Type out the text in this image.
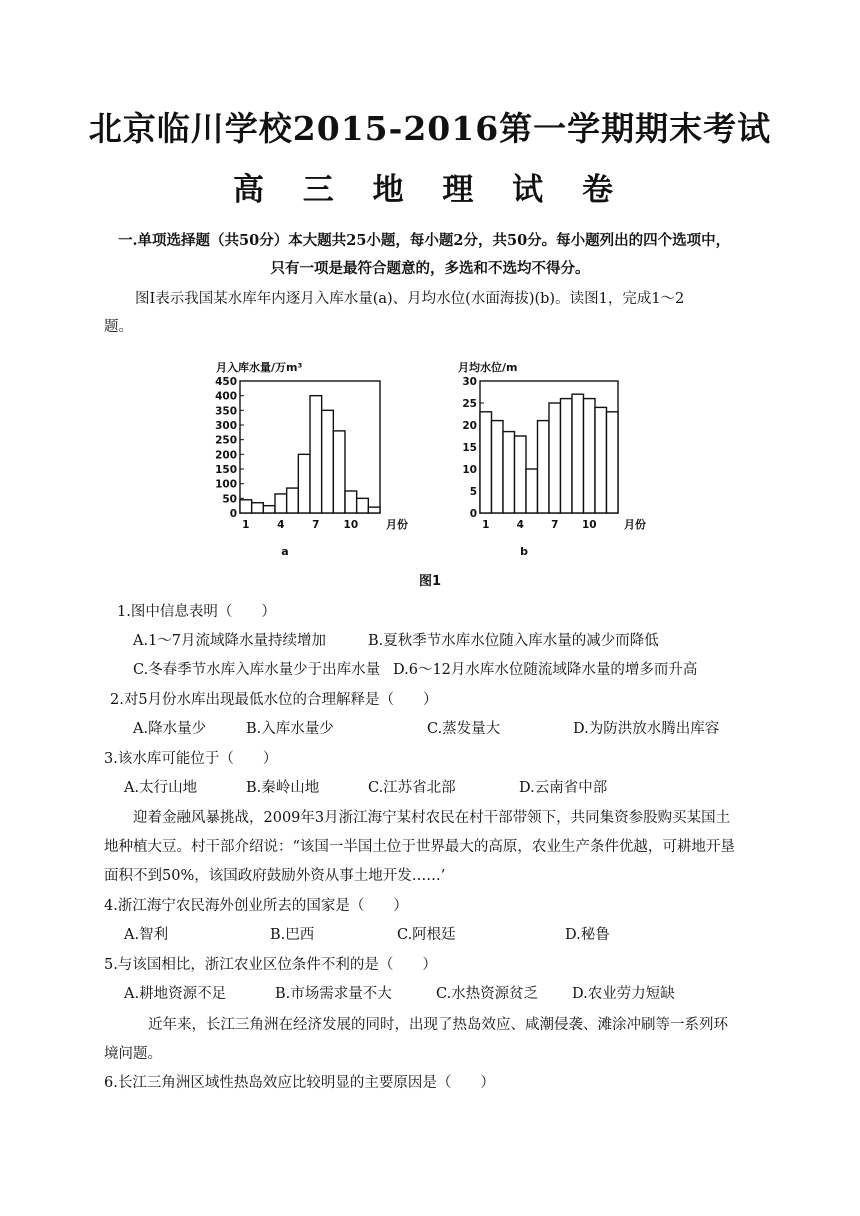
北京临川学校2015-2016第一学期期末考试
高 三 地 理 试 卷
一.单项选择题（共50分）本大题共25小题，每小题2分，共50分。每小题列出的四个选项中，
只有一项是最符合题意的，多选和不选均不得分。
图Ⅰ表示我国某水库年内逐月入库水量(a)、月均水位(水面海拔)(b)。读图1，完成1～2
题。
月入库水量/万m³
0
50
100
150
200
250
300
350
400
450
1	4	7 10	月份
a
月均水位/m
0
5
10
15
20
25
30
1	4	7 10 月份
b
图1
1.图中信息表明（　　）
A.1～7月流域降水量持续增加	B.夏秋季节水库水位随入库水量的减少而降低
C.冬春季节水库入库水量少于出库水量 D.6～12月水库水位随流域降水量的增多而升高
2.对5月份水库出现最低水位的合理解释是（　　）
A.降水量少	B.入库水量少	C.蒸发量大	D.为防洪放水腾出库容
3.该水库可能位于（　　）
A.太行山地	B.秦岭山地	C.江苏省北部	D.云南省中部
迎着金融风暴挑战，2009年3月浙江海宁某村农民在村干部带领下，共同集资参股购买某国土
地种植大豆。村干部介绍说：“该国一半国土位于世界最大的高原，农业生产条件优越，可耕地开垦
面积不到50%，该国政府鼓励外资从事土地开发……’
4.浙江海宁农民海外创业所去的国家是（　　）
A.智利	B.巴西	C.阿根廷	D.秘鲁
5.与该国相比，浙江农业区位条件不利的是（　　）
A.耕地资源不足	B.市场需求量不大	C.水热资源贫乏 D.农业劳力短缺
近年来，长江三角洲在经济发展的同时，出现了热岛效应、咸潮侵袭、滩涂冲刷等一系列环
境问题。
6.长江三角洲区域性热岛效应比较明显的主要原因是（　　）
